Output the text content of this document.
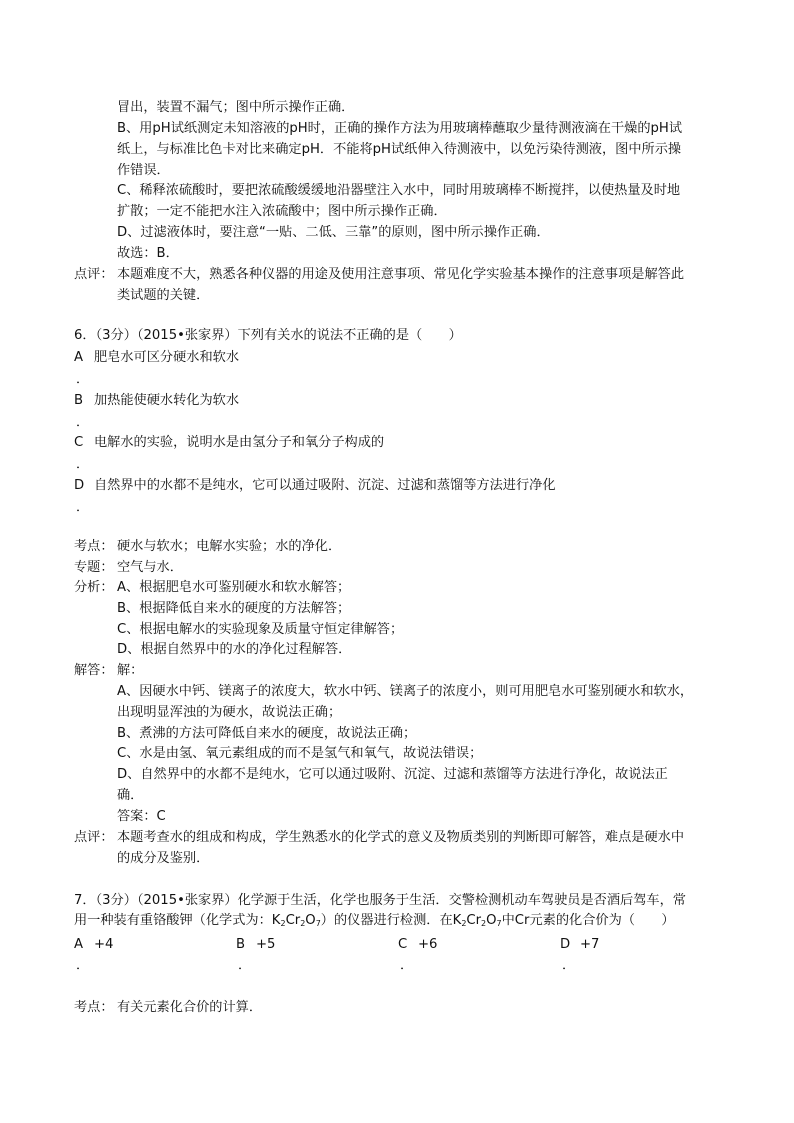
冒出，装置不漏气；图中所示操作正确．
B、用pH试纸测定未知溶液的pH时，正确的操作方法为用玻璃棒蘸取少量待测液滴在干燥的pH试
纸上，与标准比色卡对比来确定pH．不能将pH试纸伸入待测液中，以免污染待测液，图中所示操
作错误．
C、稀释浓硫酸时，要把浓硫酸缓缓地沿器壁注入水中，同时用玻璃棒不断搅拌，以使热量及时地
扩散；一定不能把水注入浓硫酸中；图中所示操作正确．
D、过滤液体时，要注意“一贴、二低、三靠”的原则，图中所示操作正确．
故选：B．
点评： 本题难度不大，熟悉各种仪器的用途及使用注意事项、常见化学实验基本操作的注意事项是解答此
类试题的关键．
6．（3分）（2015•张家界）下列有关水的说法不正确的是（　　）
A 肥皂水可区分硬水和软水
．
B 加热能使硬水转化为软水
．
C 电解水的实验，说明水是由氢分子和氧分子构成的
．
D 自然界中的水都不是纯水，它可以通过吸附、沉淀、过滤和蒸馏等方法进行净化
．
考点： 硬水与软水；电解水实验；水的净化．
专题： 空气与水．
分析： A、根据肥皂水可鉴别硬水和软水解答；
B、根据降低自来水的硬度的方法解答；
C、根据电解水的实验现象及质量守恒定律解答；
D、根据自然界中的水的净化过程解答．
解答： 解：
A、因硬水中钙、镁离子的浓度大，软水中钙、镁离子的浓度小，则可用肥皂水可鉴别硬水和软水，
出现明显浑浊的为硬水，故说法正确；
B、煮沸的方法可降低自来水的硬度，故说法正确；
C、水是由氢、氧元素组成的而不是氢气和氧气，故说法错误；
D、自然界中的水都不是纯水，它可以通过吸附、沉淀、过滤和蒸馏等方法进行净化，故说法正
确．
答案：C
点评： 本题考查水的组成和构成，学生熟悉水的化学式的意义及物质类别的判断即可解答，难点是硬水中
的成分及鉴别．
7．（3分）（2015•张家界）化学源于生活，化学也服务于生活．交警检测机动车驾驶员是否酒后驾车，常
用一种装有重铬酸钾（化学式为：$K_2Cr_2O_7$）的仪器进行检测．在$K_2Cr_2O_7$中Cr元素的化合价为（　　）
A +4	B +5	C +6	D +7
．	．	．	．
考点： 有关元素化合价的计算．
